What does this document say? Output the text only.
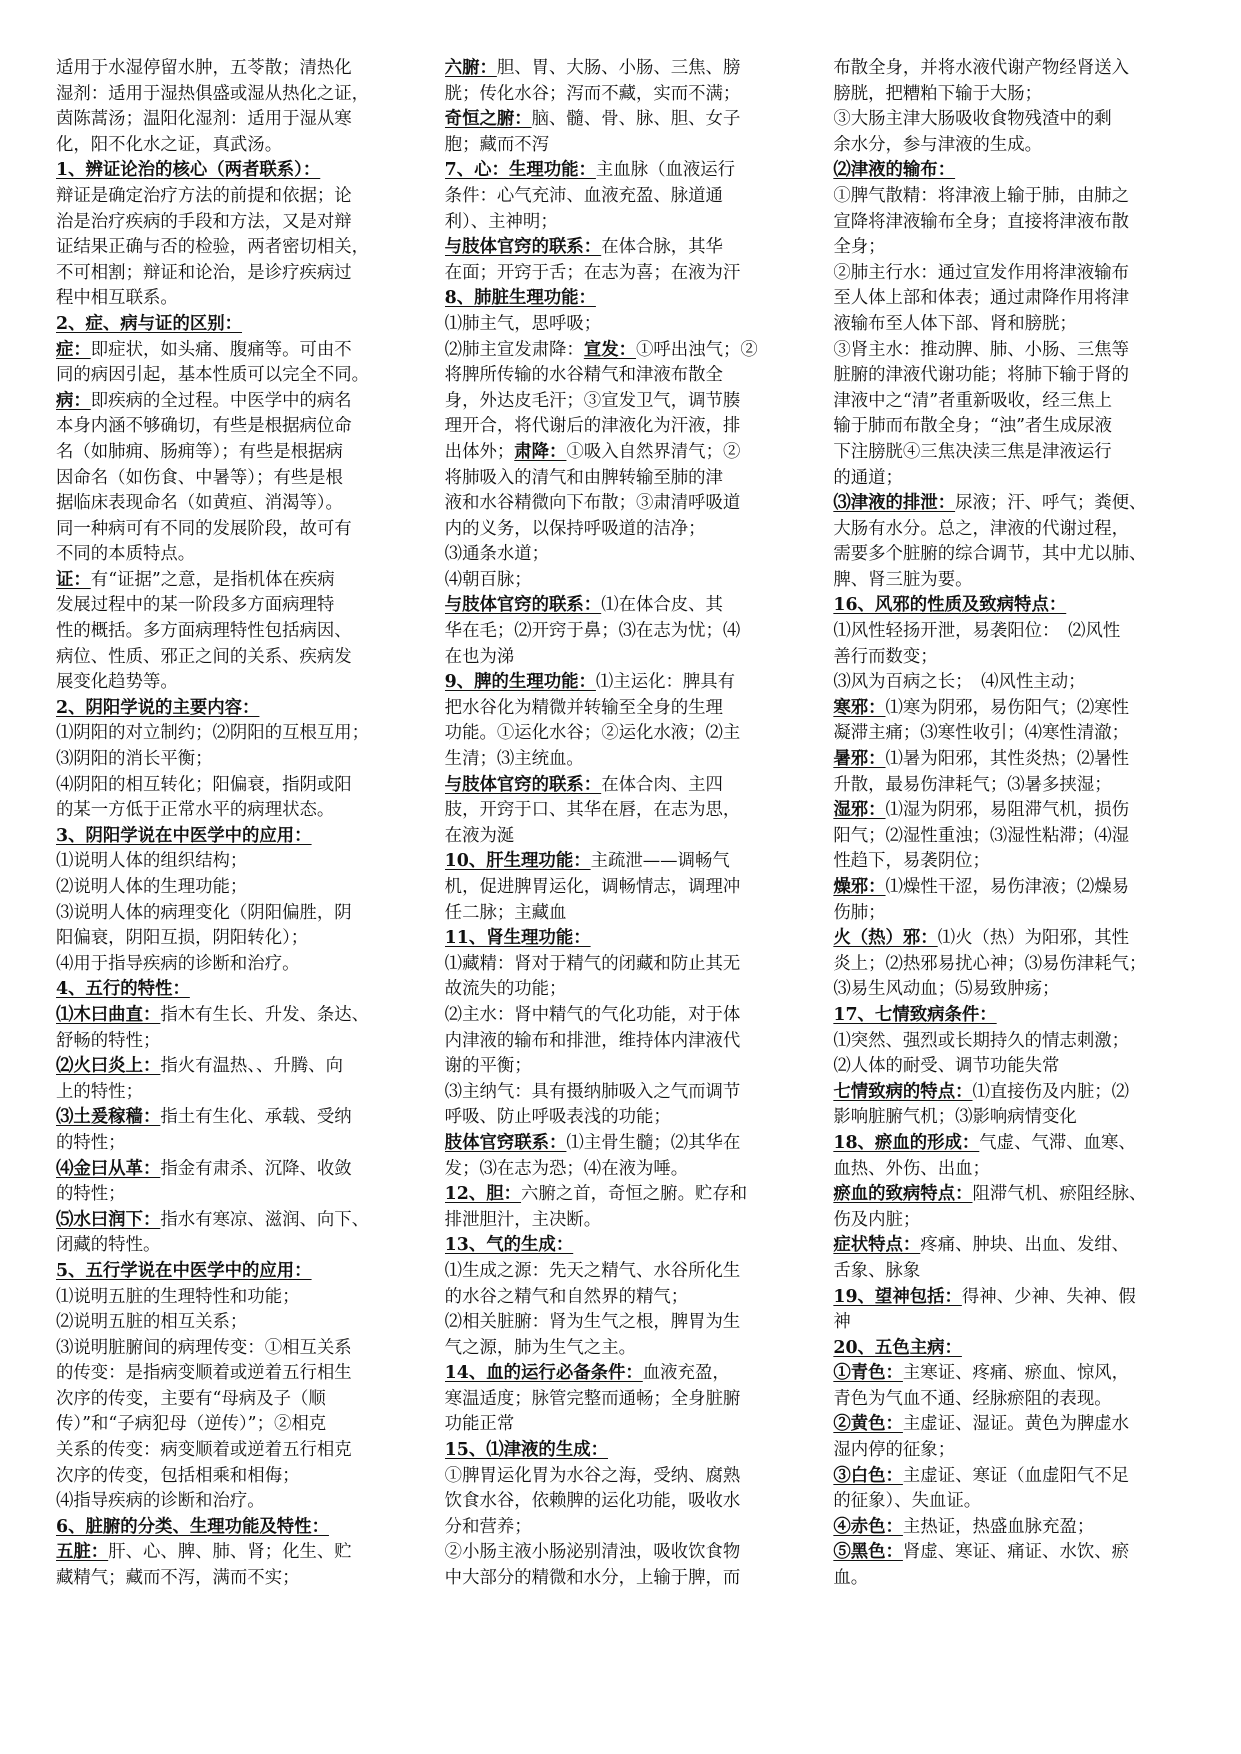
适用于水湿停留水肿，五苓散；清热化
湿剂：适用于湿热俱盛或湿从热化之证，
茵陈蒿汤；温阳化湿剂：适用于湿从寒
化，阳不化水之证，真武汤。
1、辨证论治的核心（两者联系）：
辩证是确定治疗方法的前提和依据；论
治是治疗疾病的手段和方法，又是对辩
证结果正确与否的检验，两者密切相关，
不可相割；辩证和论治，是诊疗疾病过
程中相互联系。
2、症、病与证的区别：
症：即症状，如头痛、腹痛等。可由不
同的病因引起，基本性质可以完全不同。
病：即疾病的全过程。中医学中的病名
本身内涵不够确切，有些是根据病位命
名（如肺痈、肠痈等）；有些是根据病
因命名（如伤食、中暑等）；有些是根
据临床表现命名（如黄疸、消渴等）。
同一种病可有不同的发展阶段，故可有
不同的本质特点。
证：有“证据”之意，是指机体在疾病
发展过程中的某一阶段多方面病理特
性的概括。多方面病理特性包括病因、
病位、性质、邪正之间的关系、疾病发
展变化趋势等。
2、阴阳学说的主要内容：
⑴阴阳的对立制约；⑵阴阳的互根互用；
⑶阴阳的消长平衡；
⑷阴阳的相互转化；阳偏衰，指阴或阳
的某一方低于正常水平的病理状态。
3、阴阳学说在中医学中的应用：
⑴说明人体的组织结构；
⑵说明人体的生理功能；
⑶说明人体的病理变化（阴阳偏胜，阴
阳偏衰，阴阳互损，阴阳转化）；
⑷用于指导疾病的诊断和治疗。
4、五行的特性：
⑴木曰曲直：指木有生长、升发、条达、
舒畅的特性；
⑵火曰炎上：指火有温热、、升腾、向
上的特性；
⑶土爰稼穑：指土有生化、承载、受纳
的特性；
⑷金曰从革：指金有肃杀、沉降、收敛
的特性；
⑸水曰润下：指水有寒凉、滋润、向下、
闭藏的特性。
5、五行学说在中医学中的应用：
⑴说明五脏的生理特性和功能；
⑵说明五脏的相互关系；
⑶说明脏腑间的病理传变：①相互关系
的传变：是指病变顺着或逆着五行相生
次序的传变，主要有“母病及子（顺
传）”和“子病犯母（逆传）”；②相克
关系的传变：病变顺着或逆着五行相克
次序的传变，包括相乘和相侮；
⑷指导疾病的诊断和治疗。
6、脏腑的分类、生理功能及特性：
五脏：肝、心、脾、肺、肾；化生、贮
藏精气；藏而不泻，满而不实；
六腑：胆、胃、大肠、小肠、三焦、膀
胱；传化水谷；泻而不藏，实而不满；
奇恒之腑：脑、髓、骨、脉、胆、女子
胞；藏而不泻
7、心：生理功能：主血脉（血液运行
条件：心气充沛、血液充盈、脉道通
利）、主神明；
与肢体官窍的联系：在体合脉，其华
在面；开窍于舌；在志为喜；在液为汗
8、肺脏生理功能：
⑴肺主气，思呼吸；
⑵肺主宣发肃降：宣发：①呼出浊气；②
将脾所传输的水谷精气和津液布散全
身，外达皮毛汗；③宣发卫气，调节腠
理开合，将代谢后的津液化为汗液，排
出体外；肃降：①吸入自然界清气；②
将肺吸入的清气和由脾转输至肺的津
液和水谷精微向下布散；③肃清呼吸道
内的义务，以保持呼吸道的洁净；
⑶通条水道；
⑷朝百脉；
与肢体官窍的联系：⑴在体合皮、其
华在毛；⑵开窍于鼻；⑶在志为忧；⑷
在也为涕
9、脾的生理功能：⑴主运化：脾具有
把水谷化为精微并转输至全身的生理
功能。①运化水谷；②运化水液；⑵主
生清；⑶主统血。
与肢体官窍的联系：在体合肉、主四
肢，开窍于口、其华在唇，在志为思，
在液为涎
10、肝生理功能：主疏泄——调畅气
机，促进脾胃运化，调畅情志，调理冲
任二脉；主藏血
11、肾生理功能：
⑴藏精：肾对于精气的闭藏和防止其无
故流失的功能；
⑵主水：肾中精气的气化功能，对于体
内津液的输布和排泄，维持体内津液代
谢的平衡；
⑶主纳气：具有摄纳肺吸入之气而调节
呼吸、防止呼吸表浅的功能；
肢体官窍联系：⑴主骨生髓；⑵其华在
发；⑶在志为恐；⑷在液为唾。
12、胆：六腑之首，奇恒之腑。贮存和
排泄胆汁，主决断。
13、气的生成：
⑴生成之源：先天之精气、水谷所化生
的水谷之精气和自然界的精气；
⑵相关脏腑：肾为生气之根，脾胃为生
气之源，肺为生气之主。
14、血的运行必备条件：血液充盈，
寒温适度；脉管完整而通畅；全身脏腑
功能正常
15、⑴津液的生成：
①脾胃运化胃为水谷之海，受纳、腐熟
饮食水谷，依赖脾的运化功能，吸收水
分和营养；
②小肠主液小肠泌别清浊，吸收饮食物
中大部分的精微和水分，上输于脾，而
布散全身，并将水液代谢产物经肾送入
膀胱，把糟粕下输于大肠；
③大肠主津大肠吸收食物残渣中的剩
余水分，参与津液的生成。
⑵津液的输布：
①脾气散精：将津液上输于肺，由肺之
宣降将津液输布全身；直接将津液布散
全身；
②肺主行水：通过宣发作用将津液输布
至人体上部和体表；通过肃降作用将津
液输布至人体下部、肾和膀胱；
③肾主水：推动脾、肺、小肠、三焦等
脏腑的津液代谢功能；将肺下输于肾的
津液中之“清”者重新吸收，经三焦上
输于肺而布散全身；“浊”者生成尿液
下注膀胱④三焦决渎三焦是津液运行
的通道；
⑶津液的排泄：尿液；汗、呼气；粪便、
大肠有水分。总之，津液的代谢过程，
需要多个脏腑的综合调节，其中尤以肺、
脾、肾三脏为要。
16、风邪的性质及致病特点：
⑴风性轻扬开泄，易袭阳位：　⑵风性
善行而数变；
⑶风为百病之长；　⑷风性主动；
寒邪：⑴寒为阴邪，易伤阳气；⑵寒性
凝滞主痛；⑶寒性收引；⑷寒性清澈；
暑邪：⑴暑为阳邪，其性炎热；⑵暑性
升散，最易伤津耗气；⑶暑多挟湿；
湿邪：⑴湿为阴邪，易阻滞气机，损伤
阳气；⑵湿性重浊；⑶湿性粘滞；⑷湿
性趋下，易袭阴位；
燥邪：⑴燥性干涩，易伤津液；⑵燥易
伤肺；
火（热）邪：⑴火（热）为阳邪，其性
炎上；⑵热邪易扰心神；⑶易伤津耗气；
⑶易生风动血；⑸易致肿疡；
17、七情致病条件：
⑴突然、强烈或长期持久的情志刺激；
⑵人体的耐受、调节功能失常
七情致病的特点：⑴直接伤及内脏；⑵
影响脏腑气机；⑶影响病情变化
18、瘀血的形成：气虚、气滞、血寒、
血热、外伤、出血；
瘀血的致病特点：阻滞气机、瘀阻经脉、
伤及内脏；
症状特点：疼痛、肿块、出血、发绀、
舌象、脉象
19、望神包括：得神、少神、失神、假
神
20、五色主病：
①青色：主寒证、疼痛、瘀血、惊风，
青色为气血不通、经脉瘀阻的表现。
②黄色：主虚证、湿证。黄色为脾虚水
湿内停的征象；
③白色：主虚证、寒证（血虚阳气不足
的征象）、失血证。
④赤色：主热证，热盛血脉充盈；
⑤黑色：肾虚、寒证、痛证、水饮、瘀
血。
